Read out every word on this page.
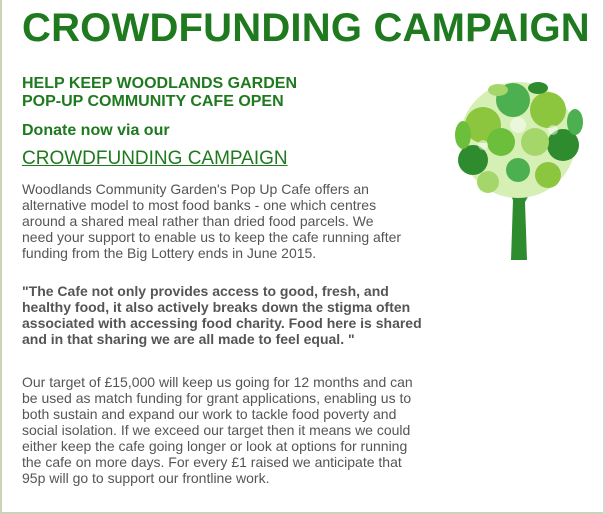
CROWDFUNDING CAMPAIGN

HELP KEEP WOODLANDS GARDEN
POP-UP COMMUNITY CAFE OPEN

Donate now via our

CROWDFUNDING CAMPAIGN

Woodlands Community Garden's Pop Up Cafe offers an alternative model to most food banks - one which centres around a shared meal rather than dried food parcels. We need your support to enable us to keep the cafe running after funding from the Big Lottery ends in June 2015.

"The Cafe not only provides access to good, fresh, and healthy food, it also actively breaks down the stigma often associated with accessing food charity. Food here is shared and in that sharing we are all made to feel equal. "

Our target of £15,000 will keep us going for 12 months and can be used as match funding for grant applications, enabling us to both sustain and expand our work to tackle food poverty and social isolation. If we exceed our target then it means we could either keep the cafe going longer or look at options for running the cafe on more days. For every £1 raised we anticipate that 95p will go to support our frontline work.
